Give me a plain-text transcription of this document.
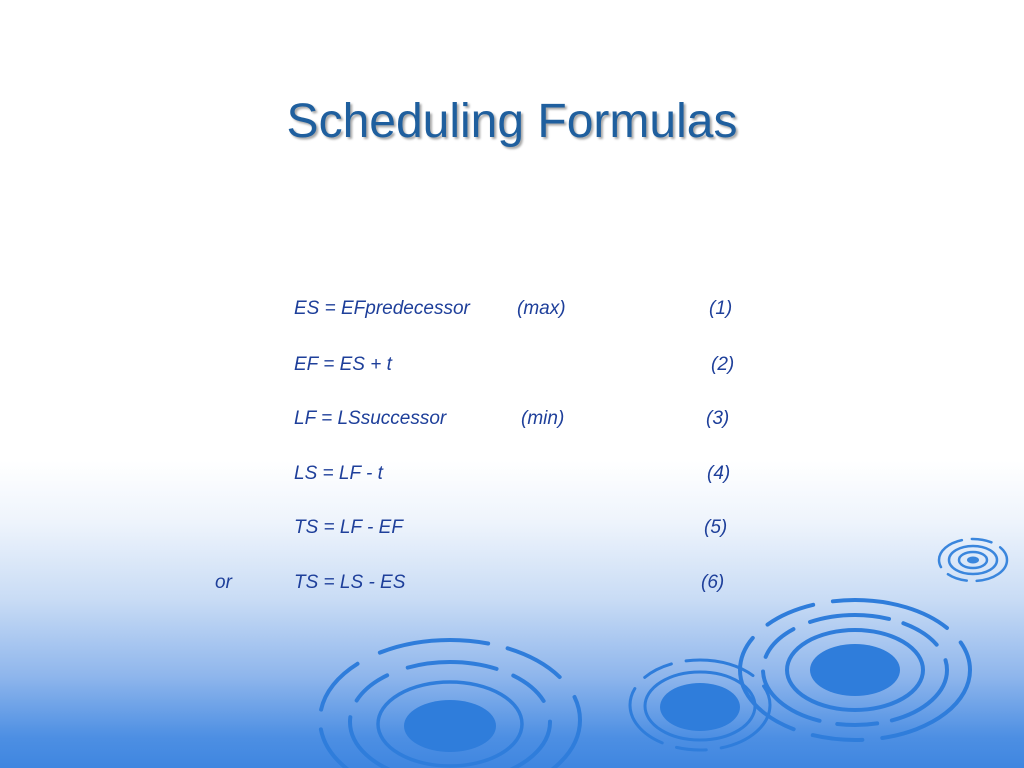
Scheduling Formulas
ES = EFpredecessor (max)	(1)
EF = ES + t	(2)
LF = LSsuccessor	(min)	(3)
LS = LF - t	(4)
TS = LF - EF	(5)
or	TS = LS - ES	(6)
